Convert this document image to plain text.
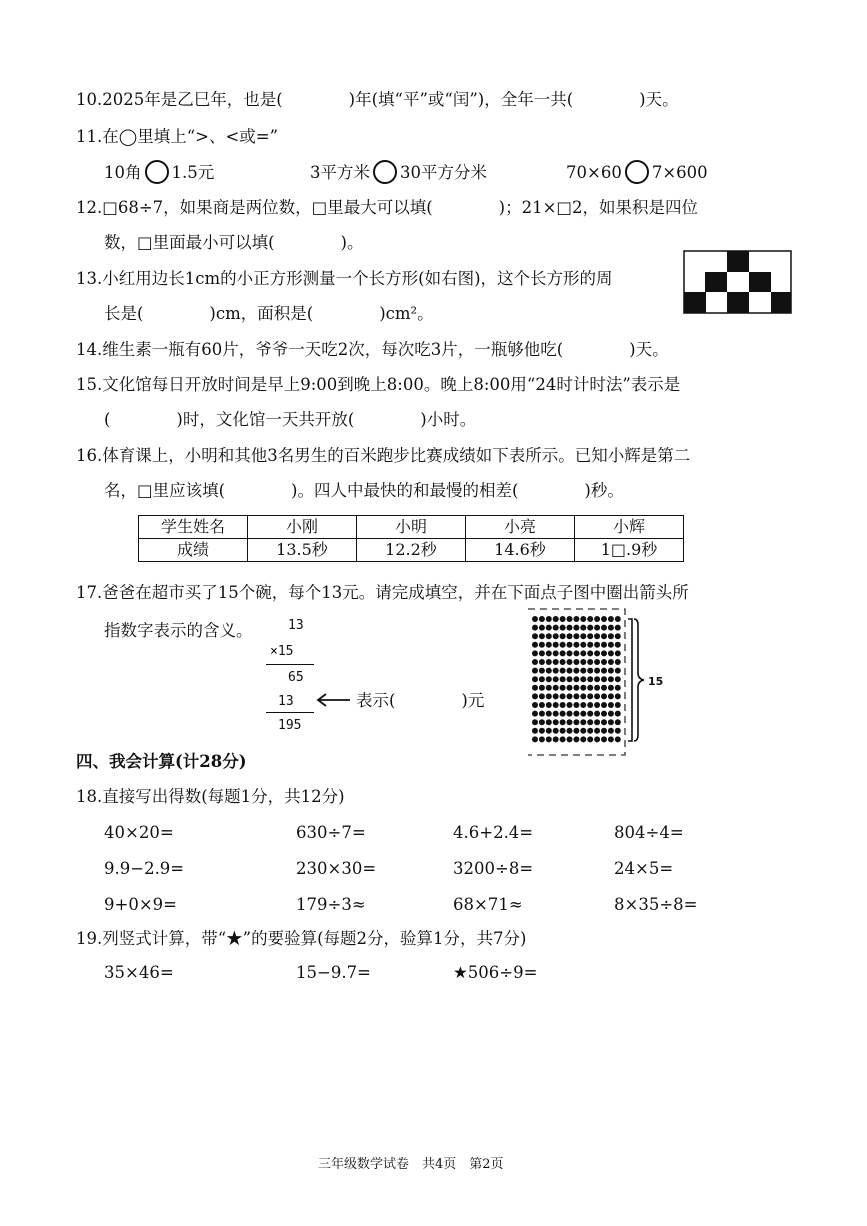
10.2025年是乙巳年，也是(　　　　)年(填“平”或“闰”)，全年一共(　　　　)天。
11.在◯里填上“>、<或=”
10角 1.5元	3平方米 30平方分米	70×60 7×600
12.□68÷7，如果商是两位数，□里最大可以填(　　　　)；21×□2，如果积是四位
数，□里面最小可以填(　　　　)。
13.小红用边长1cm的小正方形测量一个长方形(如右图)，这个长方形的周
长是(　　　　)cm，面积是(　　　　)cm²。
14.维生素一瓶有60片，爷爷一天吃2次，每次吃3片，一瓶够他吃(　　　　)天。
15.文化馆每日开放时间是早上9:00到晚上8:00。晚上8:00用“24时计时法”表示是
(　　　　)时，文化馆一天共开放(　　　　)小时。
16.体育课上，小明和其他3名男生的百米跑步比赛成绩如下表所示。已知小辉是第二
名，□里应该填(　　　　)。四人中最快的和最慢的相差(　　　　)秒。
学生姓名	小刚	小明	小亮	小辉
成绩	13.5秒	12.2秒	14.6秒	1□.9秒
17.爸爸在超市买了15个碗，每个13元。请完成填空，并在下面点子图中圈出箭头所
指数字表示的含义。	13
×15
65
13
195
表示(　　　　)元
15
四、我会计算(计28分)
18.直接写出得数(每题1分，共12分)
40×20=	630÷7=	4.6+2.4=	804÷4=
9.9−2.9=	230×30=	3200÷8=	24×5=
9+0×9=	179÷3≈	68×71≈	8×35÷8=
19.列竖式计算，带“★”的要验算(每题2分，验算1分，共7分)
35×46=	15−9.7=	★506÷9=
三年级数学试卷　共4页　第2页
